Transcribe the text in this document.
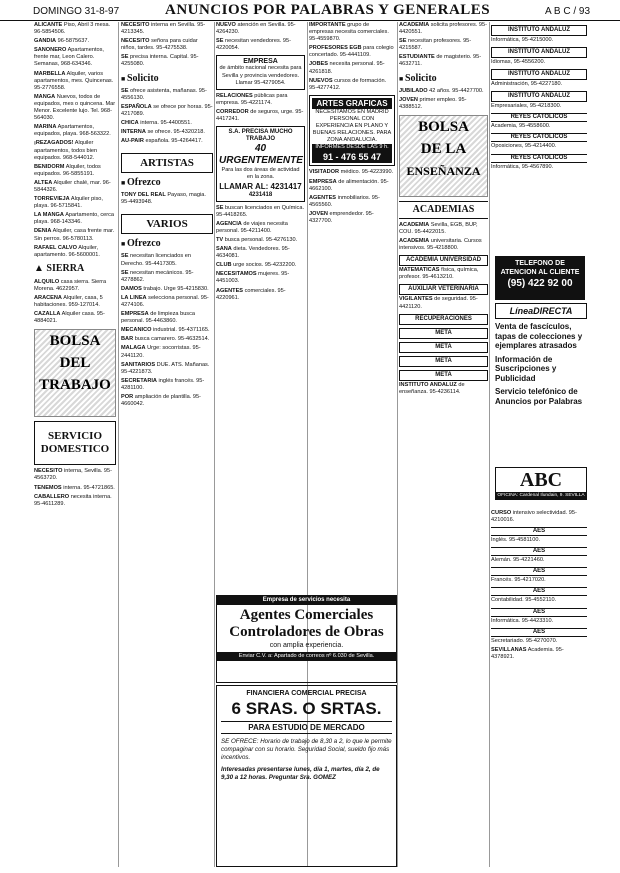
DOMINGO 31-8-97	ANUNCIOS POR PALABRAS Y GENERALES	A B C / 93

ALICANTE Piso, Abril 3 mesa. 96-5854506.

GANDIA 96-5875637.

SANONERO Apartamentos, frente mar, Leon Calero. Semanas, 968-634346.

MARBELLA Alquiler, varios apartamentos, mes. Quincenas. 95-2776558.

MANGA Nuevos, todos de equipados, mes o quincena. Mar Menor. Excelente lujo. Tel. 968-564030.

MARINA Apartamentos, equipados, playa. 968-563322.

¡REZAGADOS! Alquiler apartamentos, todos bien equipados. 968-544012.

BENIDORM Alquiler, todos equipados. 96-5855191.

ALTEA Alquiler chalé, mar. 96-5844326.

TORREVIEJA Alquiler piso, playa. 96-5715841.

LA MANGA Apartamento, cerca playa. 968-143346.

DENIA Alquiler, casa frente mar. Sin perros. 96-5780113.

RAFAEL CALVO Alquiler, apartamento. 96-5600001.

▲ SIERRA

ALQUILO casa sierra. Sierra Morena. 4622957.

ARACENA Alquiler, casa, 5 habitaciones. 959-127014.

CAZALLA Alquiler casa. 95-4884021.

BOLSA
DEL
TRABAJO
SERVICIO DOMESTICO

NECESITO interna, Sevilla. 95-4563720.

TENEMOS interna. 95-4721865.

CABALLERO necesita interna. 95-4611289.

NECESITO interna en Sevilla. 95-4213345.

NECESITO señora para cuidar niños, tardes. 95-4275538.

SE precisa interna. Capital. 95-4255080.

■ Solicito

SE ofrece asistenta, mañanas. 95-4556130.

ESPAÑOLA se ofrece por horas. 95-4217089.

CHICA interna. 95-4400551.

INTERNA se ofrece. 95-4320218.

AU-PAIR española. 95-4264417.

ARTISTAS
■ Ofrezco

TONY DEL REAL Payaso, magia. 95-4493948.

VARIOS
■ Ofrezco

SE necesitan licenciados en Derecho. 95-4417305.

SE necesitan mecánicos. 95-4278862.

DAMOS trabajo. Urge 95-4215830.

LA LINEA selecciona personal. 95-4274106.

EMPRESA de limpieza busca personal. 95-4463860.

MECANICO industrial. 95-4371165.

BAR busca camarero. 95-4632514.

MALAGA Urge: socorristas. 95-2441120.

SANITARIOS DUE. ATS. Mañanas. 95-4221873.

SECRETARIA inglés francés. 95-4281100.

POR ampliación de plantilla. 95-4660042.

NUEVO atención en Sevilla. 95-4264230.

SE necesitan vendedores. 95-4220054.

EMPRESA
de ámbito nacional necesita para Sevilla y provincia vendedores. Llamar 95-4279054.

RELACIONES públicas para empresa. 95-4221174.

CORREDOR de seguros, urge. 95-4417241.

S.A. PRECISA MUCHO TRABAJO
40 URGENTEMENTE
Para las dos áreas de actividad en la zona.
LLAMAR AL: 4231417
4231418

SE buscan licenciados en Química. 95-4418265.

AGENCIA de viajes necesita personal. 95-4211400.

TV busca personal. 95-4276130.

SANA dieta. Vendedores. 95-4634081.

CLUB urge socios. 95-4232200.

NECESITAMOS mujeres. 95-4451003.

AGENTES comerciales. 95-4220961.

IMPORTANTE grupo de empresas necesita comerciales. 95-4559870.

PROFESORES EGB para colegio concertado. 95-4441109.

JOBES necesita personal. 95-4261818.

NUEVOS cursos de formación. 95-4277412.

ARTES GRAFICAS
NECESITAMOS EN MADRID PERSONAL CON EXPERIENCIA EN PLANO Y BUENAS RELACIONES. PARA ZONA ANDALUCIA.
INFORMES DESDE LAS 9 h.
91 - 476 55 47

VISITADOR médico. 95-4223990.

EMPRESA de alimentación. 95-4662100.

AGENTES inmobiliarios. 95-4565560.

JOVEN emprendedor. 95-4327700.

Empresa de servicios necesita
Agentes Comerciales
Controladores de Obras
con amplia experiencia.
Enviar C.V. a: Apartado de correos nº 6.030 de Sevilla.
FINANCIERA COMERCIAL PRECISA
6 SRAS. O SRTAS.
PARA ESTUDIO DE MERCADO
SE OFRECE: Horario de trabajo de 8,30 a 2, lo que le permite compaginar con su horario. Seguridad Social, sueldo fijo más incentivos.
Interesadas presentarse lunes, día 1, martes, día 2, de 9,30 a 12 horas. Preguntar Sra. GOMEZ

ACADEMIA solicita profesores. 95-4420551.

SE necesitan profesores. 95-4215587.

ESTUDIANTE de magisterio. 95-4632711.

■ Solicito

JUBILADO 42 años. 95-4427700.

JOVEN primer empleo. 95-4388512.

BOLSA
DE LA
ENSEÑANZA
ACADEMIAS

ACADEMIA Sevilla, EGB, BUP, COU. 95-4422015.

ACADEMIA universitaria. Cursos intensivos. 95-4218800.

ACADEMIA UNIVERSIDAD

MATEMATICAS física, química, profesor. 95-4613210.

AUXILIAR VETERINARIA

VIGILANTES de seguridad. 95-4421120.

RECUPERACIONES
META
META
META
META

INSTITUTO ANDALUZ de enseñanza. 95-4236114.

INSTITUTO ANDALUZ

Informática, 95-4215000.

INSTITUTO ANDALUZ

Idiomas, 95-4556200.

INSTITUTO ANDALUZ

Administración, 95-4227180.

INSTITUTO ANDALUZ

Empresariales, 95-4218300.

REYES CATOLICOS

Academia, 95-4558600.

REYES CATOLICOS

Oposiciones, 95-4214400.

REYES CATOLICOS

Informática, 95-4567890.

TELEFONO DE ATENCION AL CLIENTE
(95) 422 92 00
LíneaDIRECTA
Venta de fascículos, tapas de colecciones y ejemplares atrasados
Información de Suscripciones y Publicidad
Servicio telefónico de Anuncios por Palabras
ABC
OFICINA: Cardenal Ilundain, 9. SEVILLA

CURSO intensivo selectividad. 95-4210016.

AES

Inglés. 95-4581100.

AES

Alemán. 95-4221460.

AES

Francés. 95-4217020.

AES

Contabilidad. 95-4552110.

AES

Informática. 95-4423310.

AES

Secretariado. 95-4270070.

SEVILLANAS Academia. 95-4378921.
